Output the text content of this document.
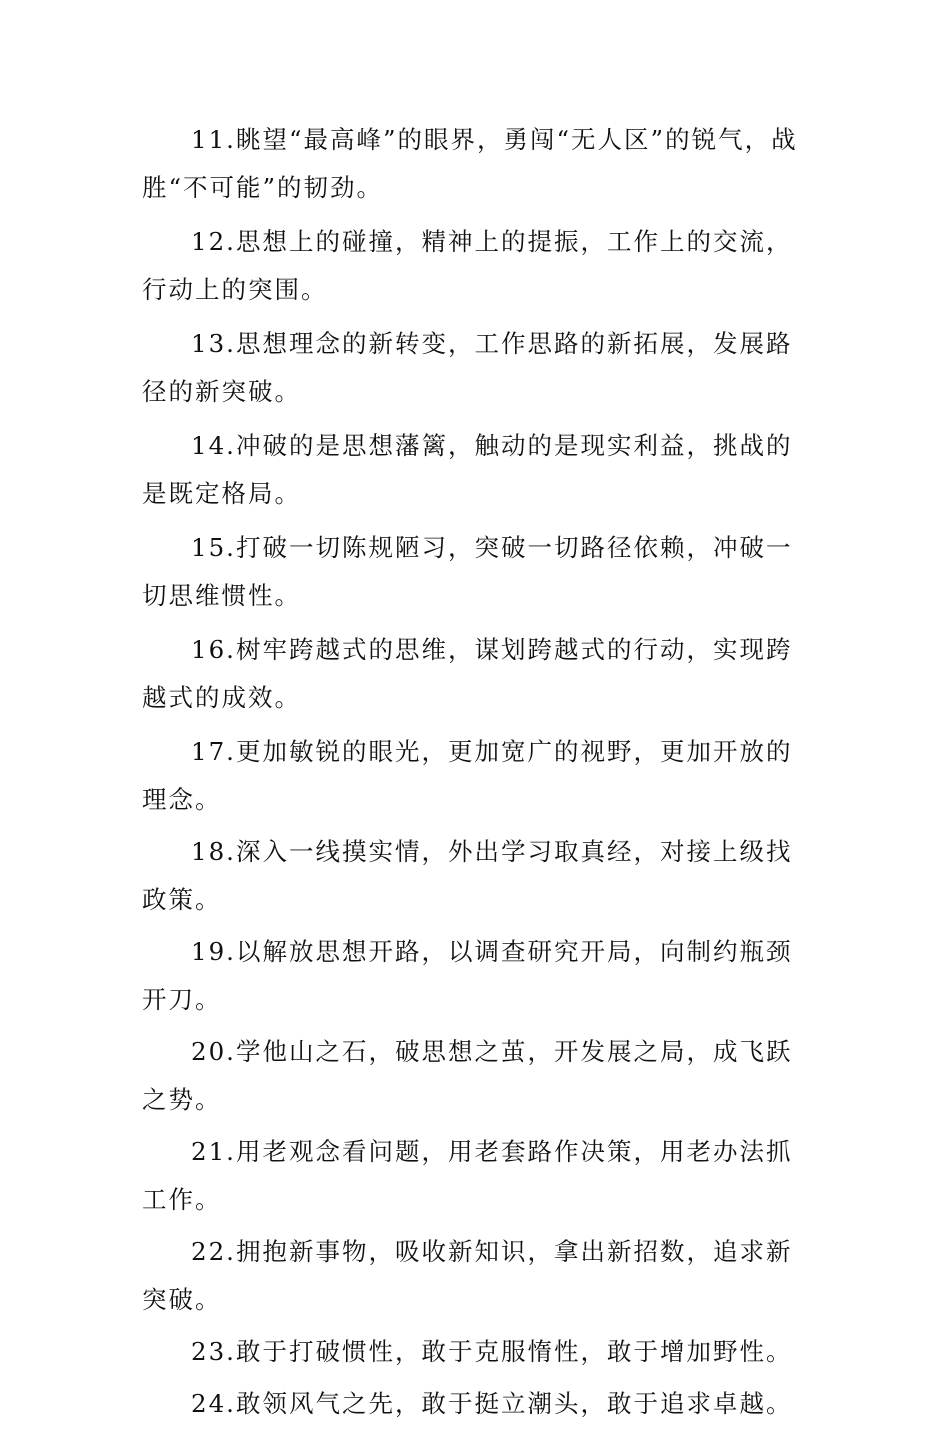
11.眺望“最高峰”的眼界，勇闯“无人区”的锐气，战胜“不可能”的韧劲。

12.思想上的碰撞，精神上的提振，工作上的交流，行动上的突围。

13.思想理念的新转变，工作思路的新拓展，发展路径的新突破。

14.冲破的是思想藩篱，触动的是现实利益，挑战的是既定格局。

15.打破一切陈规陋习，突破一切路径依赖，冲破一切思维惯性。

16.树牢跨越式的思维，谋划跨越式的行动，实现跨越式的成效。

17.更加敏锐的眼光，更加宽广的视野，更加开放的理念。

18.深入一线摸实情，外出学习取真经，对接上级找政策。

19.以解放思想开路，以调查研究开局，向制约瓶颈开刀。

20.学他山之石，破思想之茧，开发展之局，成飞跃之势。

21.用老观念看问题，用老套路作决策，用老办法抓工作。

22.拥抱新事物，吸收新知识，拿出新招数，追求新突破。

23.敢于打破惯性，敢于克服惰性，敢于增加野性。

24.敢领风气之先，敢于挺立潮头，敢于追求卓越。
